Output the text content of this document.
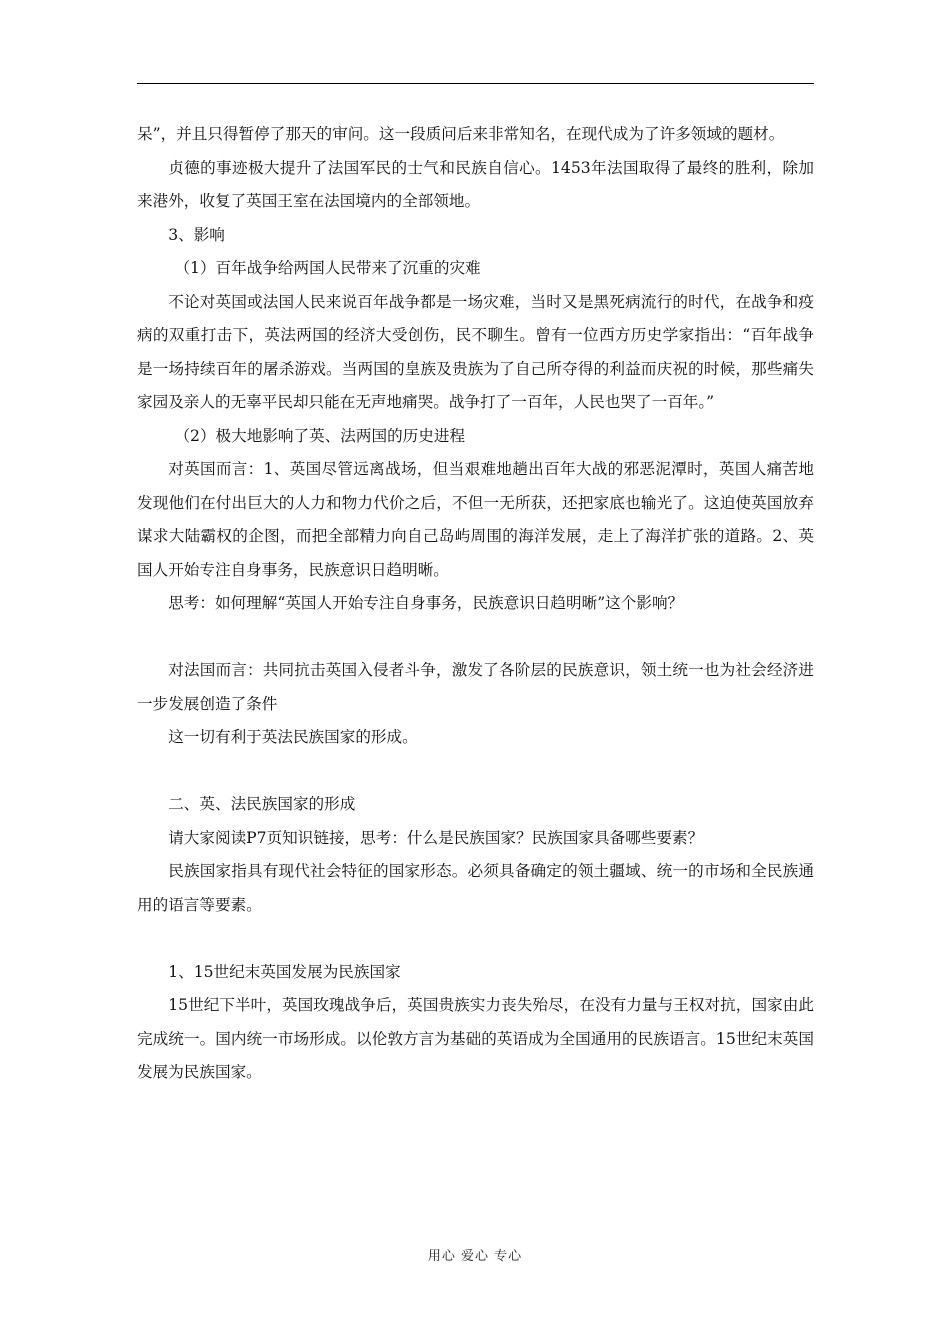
呆”，并且只得暂停了那天的审问。这一段质问后来非常知名，在现代成为了许多领域的题材。

贞德的事迹极大提升了法国军民的士气和民族自信心。1453年法国取得了最终的胜利，除加来港外，收复了英国王室在法国境内的全部领地。

3、影响

（1）百年战争给两国人民带来了沉重的灾难

不论对英国或法国人民来说百年战争都是一场灾难，当时又是黑死病流行的时代，在战争和疫病的双重打击下，英法两国的经济大受创伤，民不聊生。曾有一位西方历史学家指出：“百年战争是一场持续百年的屠杀游戏。当两国的皇族及贵族为了自己所夺得的利益而庆祝的时候，那些痛失家园及亲人的无辜平民却只能在无声地痛哭。战争打了一百年，人民也哭了一百年。”

（2）极大地影响了英、法两国的历史进程

对英国而言：1、英国尽管远离战场，但当艰难地趟出百年大战的邪恶泥潭时，英国人痛苦地发现他们在付出巨大的人力和物力代价之后，不但一无所获，还把家底也输光了。这迫使英国放弃谋求大陆霸权的企图，而把全部精力向自己岛屿周围的海洋发展，走上了海洋扩张的道路。2、英国人开始专注自身事务，民族意识日趋明晰。

思考：如何理解“英国人开始专注自身事务，民族意识日趋明晰”这个影响？

对法国而言：共同抗击英国入侵者斗争，激发了各阶层的民族意识，领土统一也为社会经济进一步发展创造了条件

这一切有利于英法民族国家的形成。

二、英、法民族国家的形成

请大家阅读P7页知识链接，思考：什么是民族国家？民族国家具备哪些要素？

民族国家指具有现代社会特征的国家形态。必须具备确定的领土疆域、统一的市场和全民族通用的语言等要素。

1、15世纪末英国发展为民族国家

15世纪下半叶，英国玫瑰战争后，英国贵族实力丧失殆尽，在没有力量与王权对抗，国家由此完成统一。国内统一市场形成。以伦敦方言为基础的英语成为全国通用的民族语言。15世纪末英国发展为民族国家。

用心 爱心 专心
